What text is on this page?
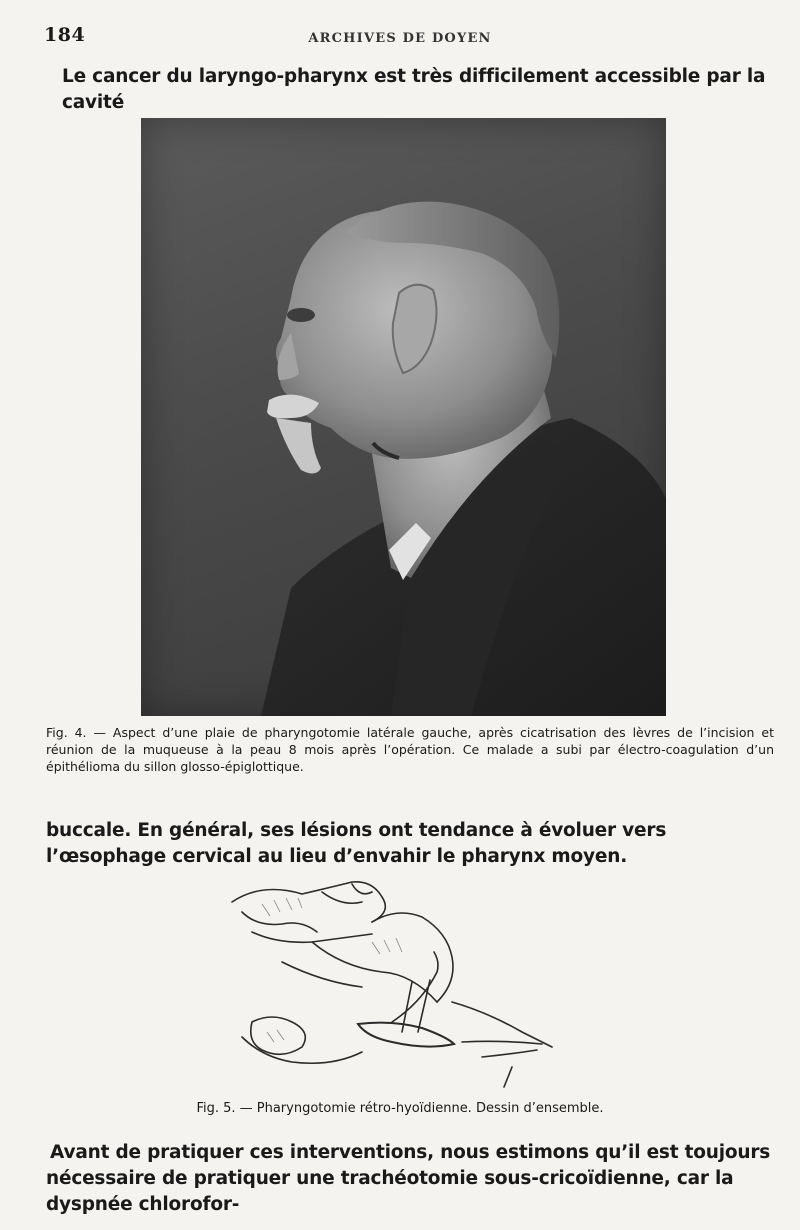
184	ARCHIVES DE DOYEN
Le cancer du laryngo-pharynx est très difficilement accessible par la cavité
Fig. 4. — Aspect d’une plaie de pharyngotomie latérale gauche, après cicatrisation des lèvres de l’incision et réunion de la muqueuse à la peau 8 mois après l’opération. Ce malade a subi par électro-coagulation d’un épithélioma du sillon glosso-épiglottique.
buccale. En général, ses lésions ont tendance à évoluer vers l’œsophage cervical au lieu d’envahir le pharynx moyen.
Fig. 5. — Pharyngotomie rétro-hyoïdienne. Dessin d’ensemble.
Avant de pratiquer ces interventions, nous estimons qu’il est toujours nécessaire de pratiquer une trachéotomie sous-cricoïdienne, car la dyspnée chlorofor-
